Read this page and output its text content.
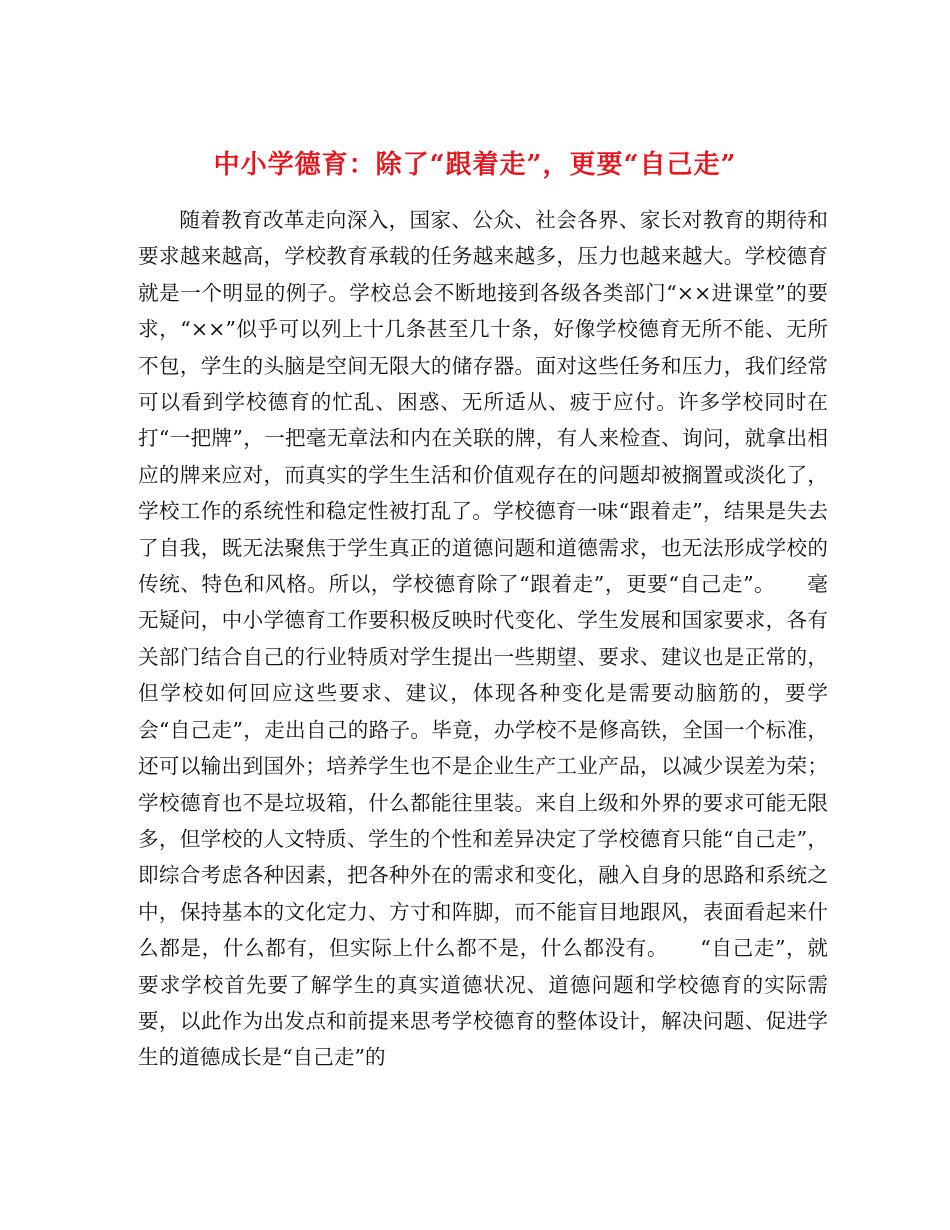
中小学德育：除了“跟着走”，更要“自己走”

随着教育改革走向深入，国家、公众、社会各界、家长对教育的期待和要求越来越高，学校教育承载的任务越来越多，压力也越来越大。学校德育就是一个明显的例子。学校总会不断地接到各级各类部门“××进课堂”的要求，“××”似乎可以列上十几条甚至几十条，好像学校德育无所不能、无所不包，学生的头脑是空间无限大的储存器。面对这些任务和压力，我们经常可以看到学校德育的忙乱、困惑、无所适从、疲于应付。许多学校同时在打“一把牌”，一把毫无章法和内在关联的牌，有人来检查、询问，就拿出相应的牌来应对，而真实的学生生活和价值观存在的问题却被搁置或淡化了，学校工作的系统性和稳定性被打乱了。学校德育一味“跟着走”，结果是失去了自我，既无法聚焦于学生真正的道德问题和道德需求，也无法形成学校的传统、特色和风格。所以，学校德育除了“跟着走”，更要“自己走”。　　毫无疑问，中小学德育工作要积极反映时代变化、学生发展和国家要求，各有关部门结合自己的行业特质对学生提出一些期望、要求、建议也是正常的，但学校如何回应这些要求、建议，体现各种变化是需要动脑筋的，要学会“自己走”，走出自己的路子。毕竟，办学校不是修高铁，全国一个标准，还可以输出到国外；培养学生也不是企业生产工业产品，以减少误差为荣；学校德育也不是垃圾箱，什么都能往里装。来自上级和外界的要求可能无限多，但学校的人文特质、学生的个性和差异决定了学校德育只能“自己走”，即综合考虑各种因素，把各种外在的需求和变化，融入自身的思路和系统之中，保持基本的文化定力、方寸和阵脚，而不能盲目地跟风，表面看起来什么都是，什么都有，但实际上什么都不是，什么都没有。　　“自己走”，就要求学校首先要了解学生的真实道德状况、道德问题和学校德育的实际需要，以此作为出发点和前提来思考学校德育的整体设计，解决问题、促进学生的道德成长是“自己走”的
